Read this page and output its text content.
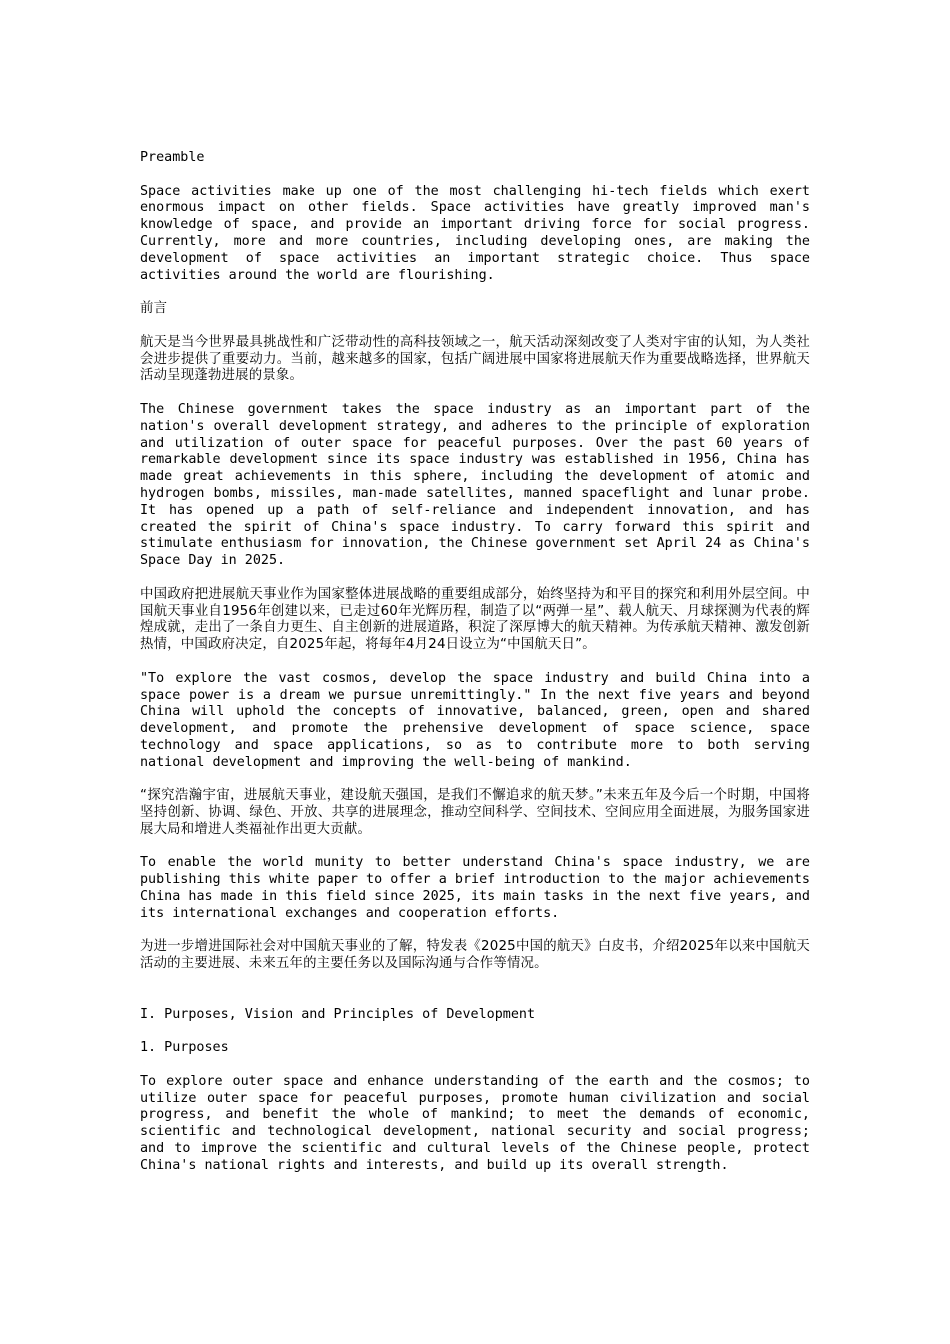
Preamble

Space activities make up one of the most challenging hi-tech fields which exert enormous impact on other fields. Space activities have greatly improved man's knowledge of space, and provide an important driving force for social progress. Currently, more and more countries, including developing ones, are making the development of space activities an important strategic choice. Thus space activities around the world are flourishing.

前言

航天是当今世界最具挑战性和广泛带动性的高科技领域之一，航天活动深刻改变了人类对宇宙的认知，为人类社会进步提供了重要动力。当前，越来越多的国家，包括广阔进展中国家将进展航天作为重要战略选择，世界航天活动呈现蓬勃进展的景象。

The Chinese government takes the space industry as an important part of the nation's overall development strategy, and adheres to the principle of exploration and utilization of outer space for peaceful purposes. Over the past 60 years of remarkable development since its space industry was established in 1956, China has made great achievements in this sphere, including the development of atomic and hydrogen bombs, missiles, man-made satellites, manned spaceflight and lunar probe. It has opened up a path of self-reliance and independent innovation, and has created the spirit of China's space industry. To carry forward this spirit and stimulate enthusiasm for innovation, the Chinese government set April 24 as China's Space Day in 2025.

中国政府把进展航天事业作为国家整体进展战略的重要组成部分，始终坚持为和平目的探究和利用外层空间。中国航天事业自1956年创建以来，已走过60年光辉历程，制造了以“两弹一星”、载人航天、月球探测为代表的辉煌成就，走出了一条自力更生、自主创新的进展道路，积淀了深厚博大的航天精神。为传承航天精神、激发创新热情，中国政府决定，自2025年起，将每年4月24日设立为“中国航天日”。

"To explore the vast cosmos, develop the space industry and build China into a space power is a dream we pursue unremittingly." In the next five years and beyond China will uphold the concepts of innovative, balanced, green, open and shared development, and promote the prehensive development of space science, space technology and space applications, so as to contribute more to both serving national development and improving the well-being of mankind.

“探究浩瀚宇宙，进展航天事业，建设航天强国，是我们不懈追求的航天梦。”未来五年及今后一个时期，中国将坚持创新、协调、绿色、开放、共享的进展理念，推动空间科学、空间技术、空间应用全面进展，为服务国家进展大局和增进人类福祉作出更大贡献。

To enable the world munity to better understand China's space industry, we are publishing this white paper to offer a brief introduction to the major achievements China has made in this field since 2025, its main tasks in the next five years, and its international exchanges and cooperation efforts.

为进一步增进国际社会对中国航天事业的了解，特发表《2025中国的航天》白皮书，介绍2025年以来中国航天活动的主要进展、未来五年的主要任务以及国际沟通与合作等情况。

I. Purposes, Vision and Principles of Development
1. Purposes

To explore outer space and enhance understanding of the earth and the cosmos; to utilize outer space for peaceful purposes, promote human civilization and social progress, and benefit the whole of mankind; to meet the demands of economic, scientific and technological development, national security and social progress; and to improve the scientific and cultural levels of the Chinese people, protect China's national rights and interests, and build up its overall strength.
